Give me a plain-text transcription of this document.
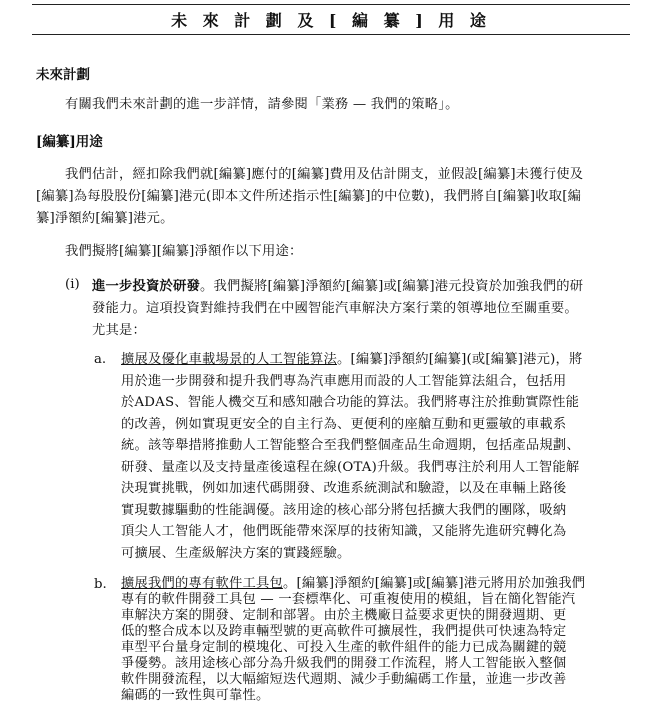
未 來 計 劃 及 [ 編 纂 ] 用 途
未來計劃
有關我們未來計劃的進一步詳情，請參閱「業務 — 我們的策略」。
[編纂]用途
我們估計，經扣除我們就[編纂]應付的[編纂]費用及估計開支，並假設[編纂]未獲行使及
[編纂]為每股股份[編纂]港元(即本文件所述指示性[編纂]的中位數)，我們將自[編纂]收取[編
纂]淨額約[編纂]港元。
我們擬將[編纂][編纂]淨額作以下用途：
(i) 進一步投資於研發。我們擬將[編纂]淨額約[編纂]或[編纂]港元投資於加強我們的研
發能力。這項投資對維持我們在中國智能汽車解決方案行業的領導地位至關重要。
尤其是：
a. 擴展及優化車載場景的人工智能算法。[編纂]淨額約[編纂](或[編纂]港元)，將
用於進一步開發和提升我們專為汽車應用而設的人工智能算法組合，包括用
於ADAS、智能人機交互和感知融合功能的算法。我們將專注於推動實際性能
的改善，例如實現更安全的自主行為、更便利的座艙互動和更靈敏的車載系
統。該等舉措將推動人工智能整合至我們整個產品生命週期，包括產品規劃、
研發、量產以及支持量產後遠程在線(OTA)升級。我們專注於利用人工智能解
決現實挑戰，例如加速代碼開發、改進系統測試和驗證，以及在車輛上路後
實現數據驅動的性能調優。該用途的核心部分將包括擴大我們的團隊，吸納
頂尖人工智能人才，他們既能帶來深厚的技術知識，又能將先進研究轉化為
可擴展、生產級解決方案的實踐經驗。
b. 擴展我們的專有軟件工具包。[編纂]淨額約[編纂]或[編纂]港元將用於加強我們
專有的軟件開發工具包 — 一套標準化、可重複使用的模組，旨在簡化智能汽
車解決方案的開發、定制和部署。由於主機廠日益要求更快的開發週期、更
低的整合成本以及跨車輛型號的更高軟件可擴展性，我們提供可快速為特定
車型平台量身定制的模塊化、可投入生產的軟件組件的能力已成為關鍵的競
爭優勢。該用途核心部分為升級我們的開發工作流程，將人工智能嵌入整個
軟件開發流程，以大幅縮短迭代週期、減少手動編碼工作量，並進一步改善
編碼的一致性與可靠性。
